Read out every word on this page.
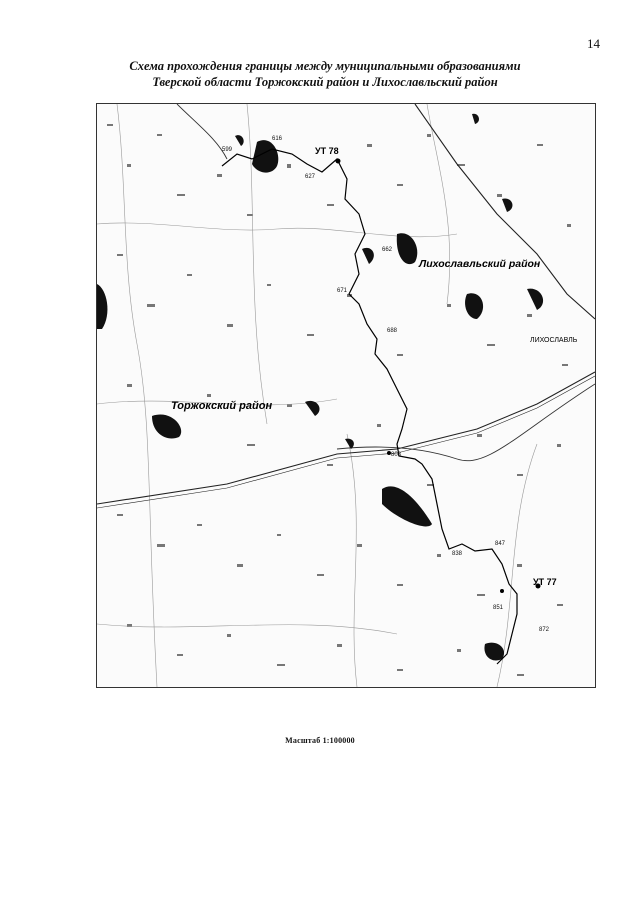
14
Схема прохождения границы между муниципальными образованиями
Тверской области Торжокский район и Лихославльский район
599
616
627
662
671
688
808
838
847
851
872
УТ 78
УТ 77
Торжокский район
Лихославльский район
ЛИХОСЛАВЛЬ
Масштаб 1:100000
